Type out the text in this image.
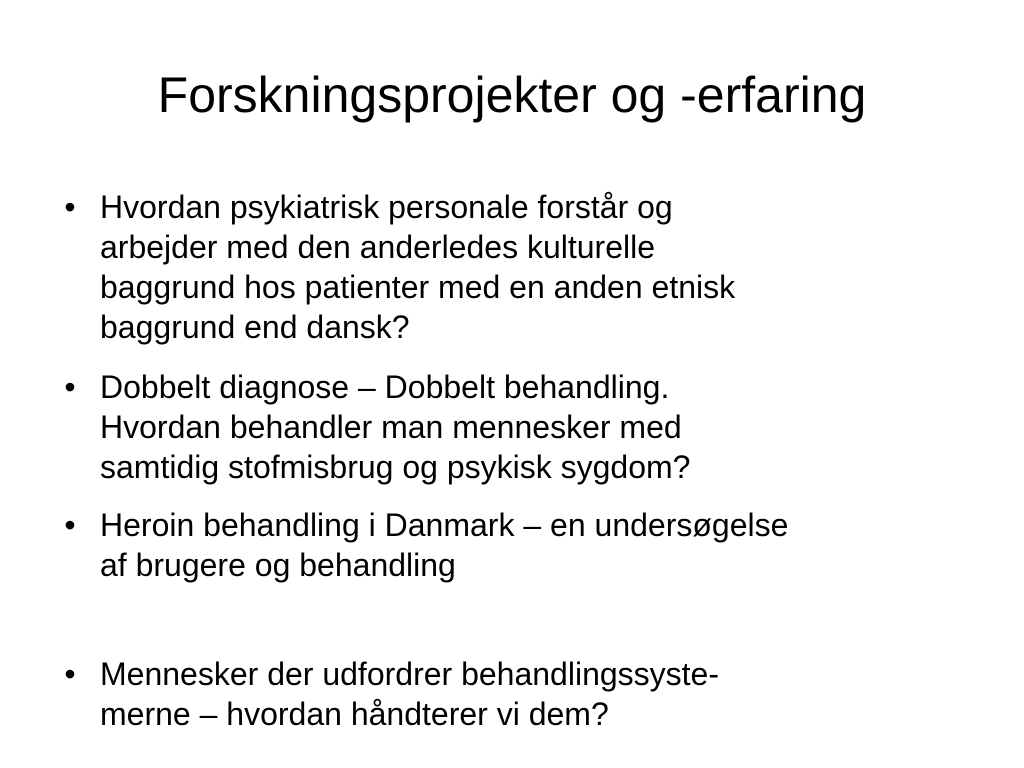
Forskningsprojekter og -erfaring
• Hvordan psykiatrisk personale forstår og
arbejder med den anderledes kulturelle
baggrund hos patienter med en anden etnisk
baggrund end dansk?
• Dobbelt diagnose – Dobbelt behandling.
Hvordan behandler man mennesker med
samtidig stofmisbrug og psykisk sygdom?
• Heroin behandling i Danmark – en undersøgelse
af brugere og behandling
• Mennesker der udfordrer behandlingssyste-
merne – hvordan håndterer vi dem?
